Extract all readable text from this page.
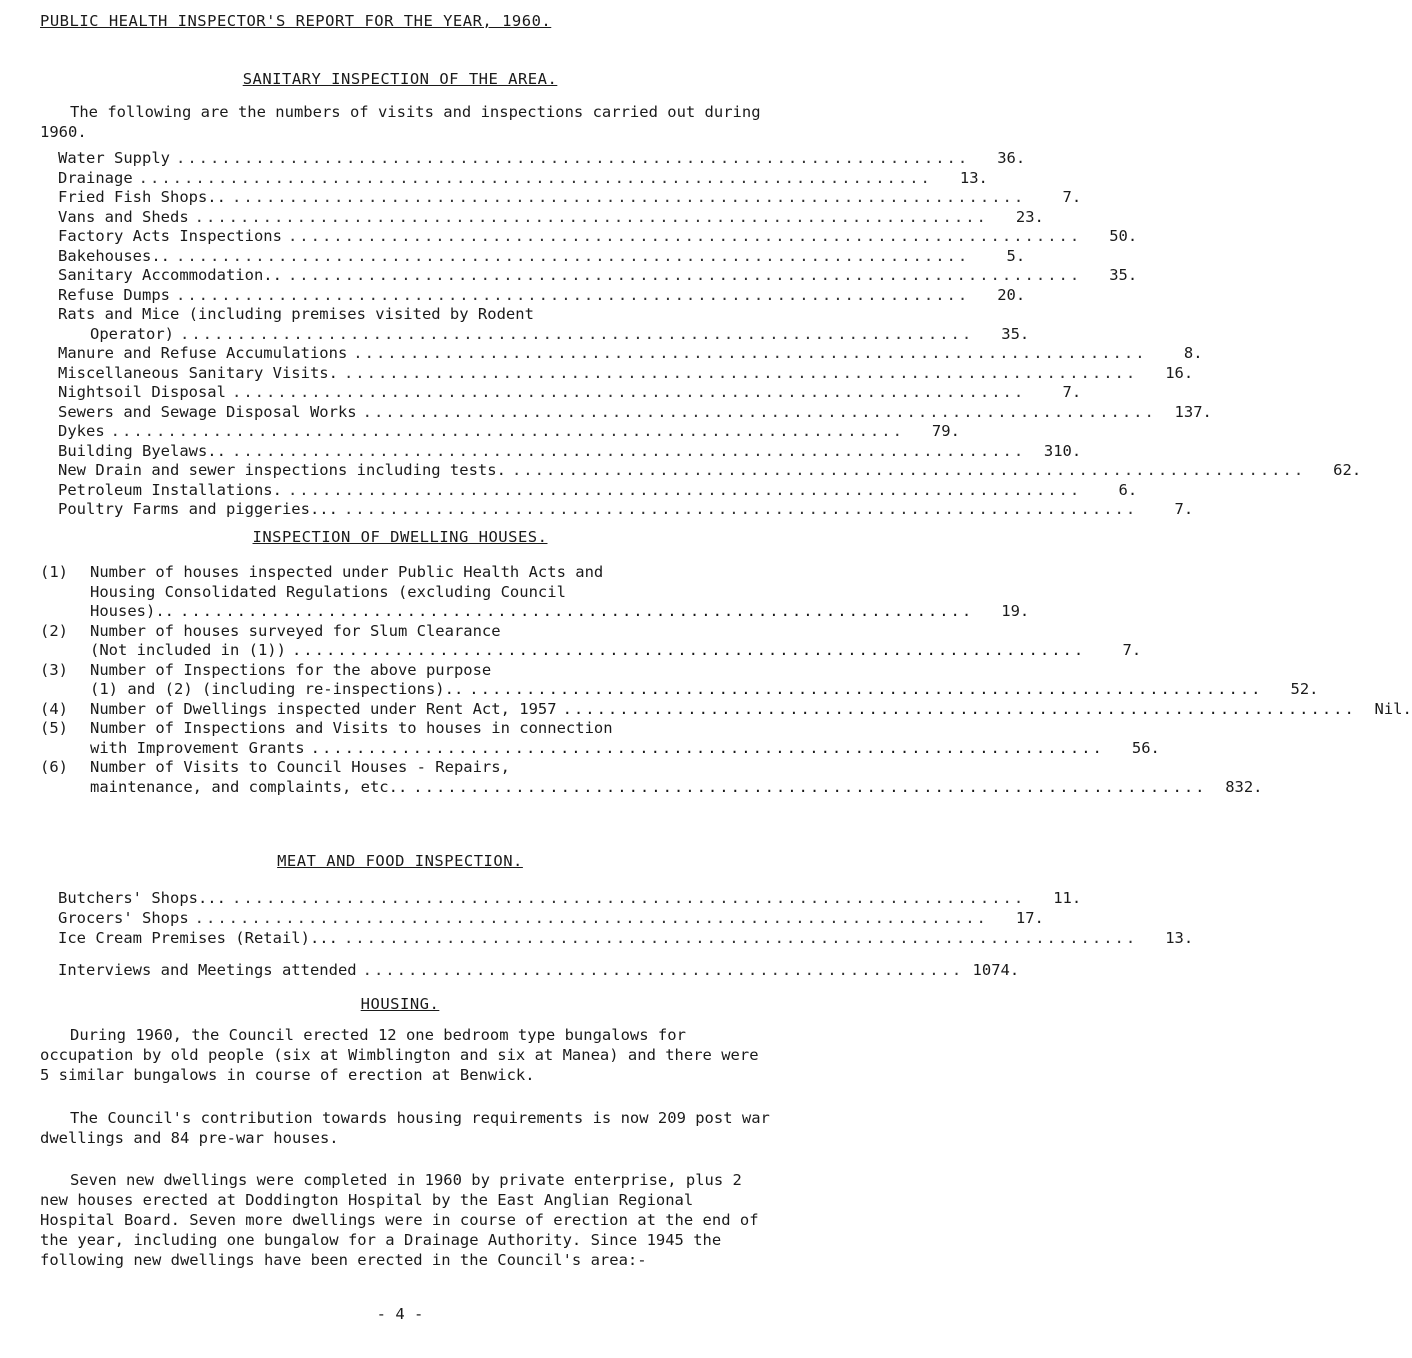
PUBLIC HEALTH INSPECTOR'S REPORT FOR THE YEAR, 1960.
SANITARY INSPECTION OF THE AREA.
The following are the numbers of visits and inspections carried out during 1960.
Water Supply ......................................................................	36.
Drainage ......................................................................	13.
Fried Fish Shops.. ......................................................................	7.
Vans and Sheds ......................................................................	23.
Factory Acts Inspections ......................................................................	50.
Bakehouses.. ......................................................................	5.
Sanitary Accommodation.. ......................................................................	35.
Refuse Dumps ......................................................................	20.
Rats and Mice (including premises visited by Rodent
Operator) ......................................................................	35.
Manure and Refuse Accumulations ......................................................................	8.
Miscellaneous Sanitary Visits. ......................................................................	16.
Nightsoil Disposal ......................................................................	7.
Sewers and Sewage Disposal Works ......................................................................	137.
Dykes ......................................................................	79.
Building Byelaws.. ......................................................................	310.
New Drain and sewer inspections including tests. ......................................................................	62.
Petroleum Installations. ......................................................................	6.
Poultry Farms and piggeries... ......................................................................	7.
INSPECTION OF DWELLING HOUSES.
(1) Number of houses inspected under Public Health Acts and
Housing Consolidated Regulations (excluding Council
Houses).. ......................................................................	19.
(2) Number of houses surveyed for Slum Clearance
(Not included in (1)) ......................................................................	7.
(3) Number of Inspections for the above purpose
(1) and (2) (including re-inspections).. ......................................................................	52.
(4) Number of Dwellings inspected under Rent Act, 1957 ......................................................................	Nil.
(5) Number of Inspections and Visits to houses in connection
with Improvement Grants ......................................................................	56.
(6) Number of Visits to Council Houses - Repairs,
maintenance, and complaints, etc.. ......................................................................	832.
MEAT AND FOOD INSPECTION.
Butchers' Shops... ......................................................................	11.
Grocers' Shops ......................................................................	17.
Ice Cream Premises (Retail)... ......................................................................	13.
Interviews and Meetings attended ..................................................... 1074.
HOUSING.
During 1960, the Council erected 12 one bedroom type bungalows for occupation by old people (six at Wimblington and six at Manea) and there were 5 similar bungalows in course of erection at Benwick.
The Council's contribution towards housing requirements is now 209 post war dwellings and 84 pre-war houses.
Seven new dwellings were completed in 1960 by private enterprise, plus 2 new houses erected at Doddington Hospital by the East Anglian Regional Hospital Board. Seven more dwellings were in course of erection at the end of the year, including one bungalow for a Drainage Authority. Since 1945 the following new dwellings have been erected in the Council's area:-
- 4 -
